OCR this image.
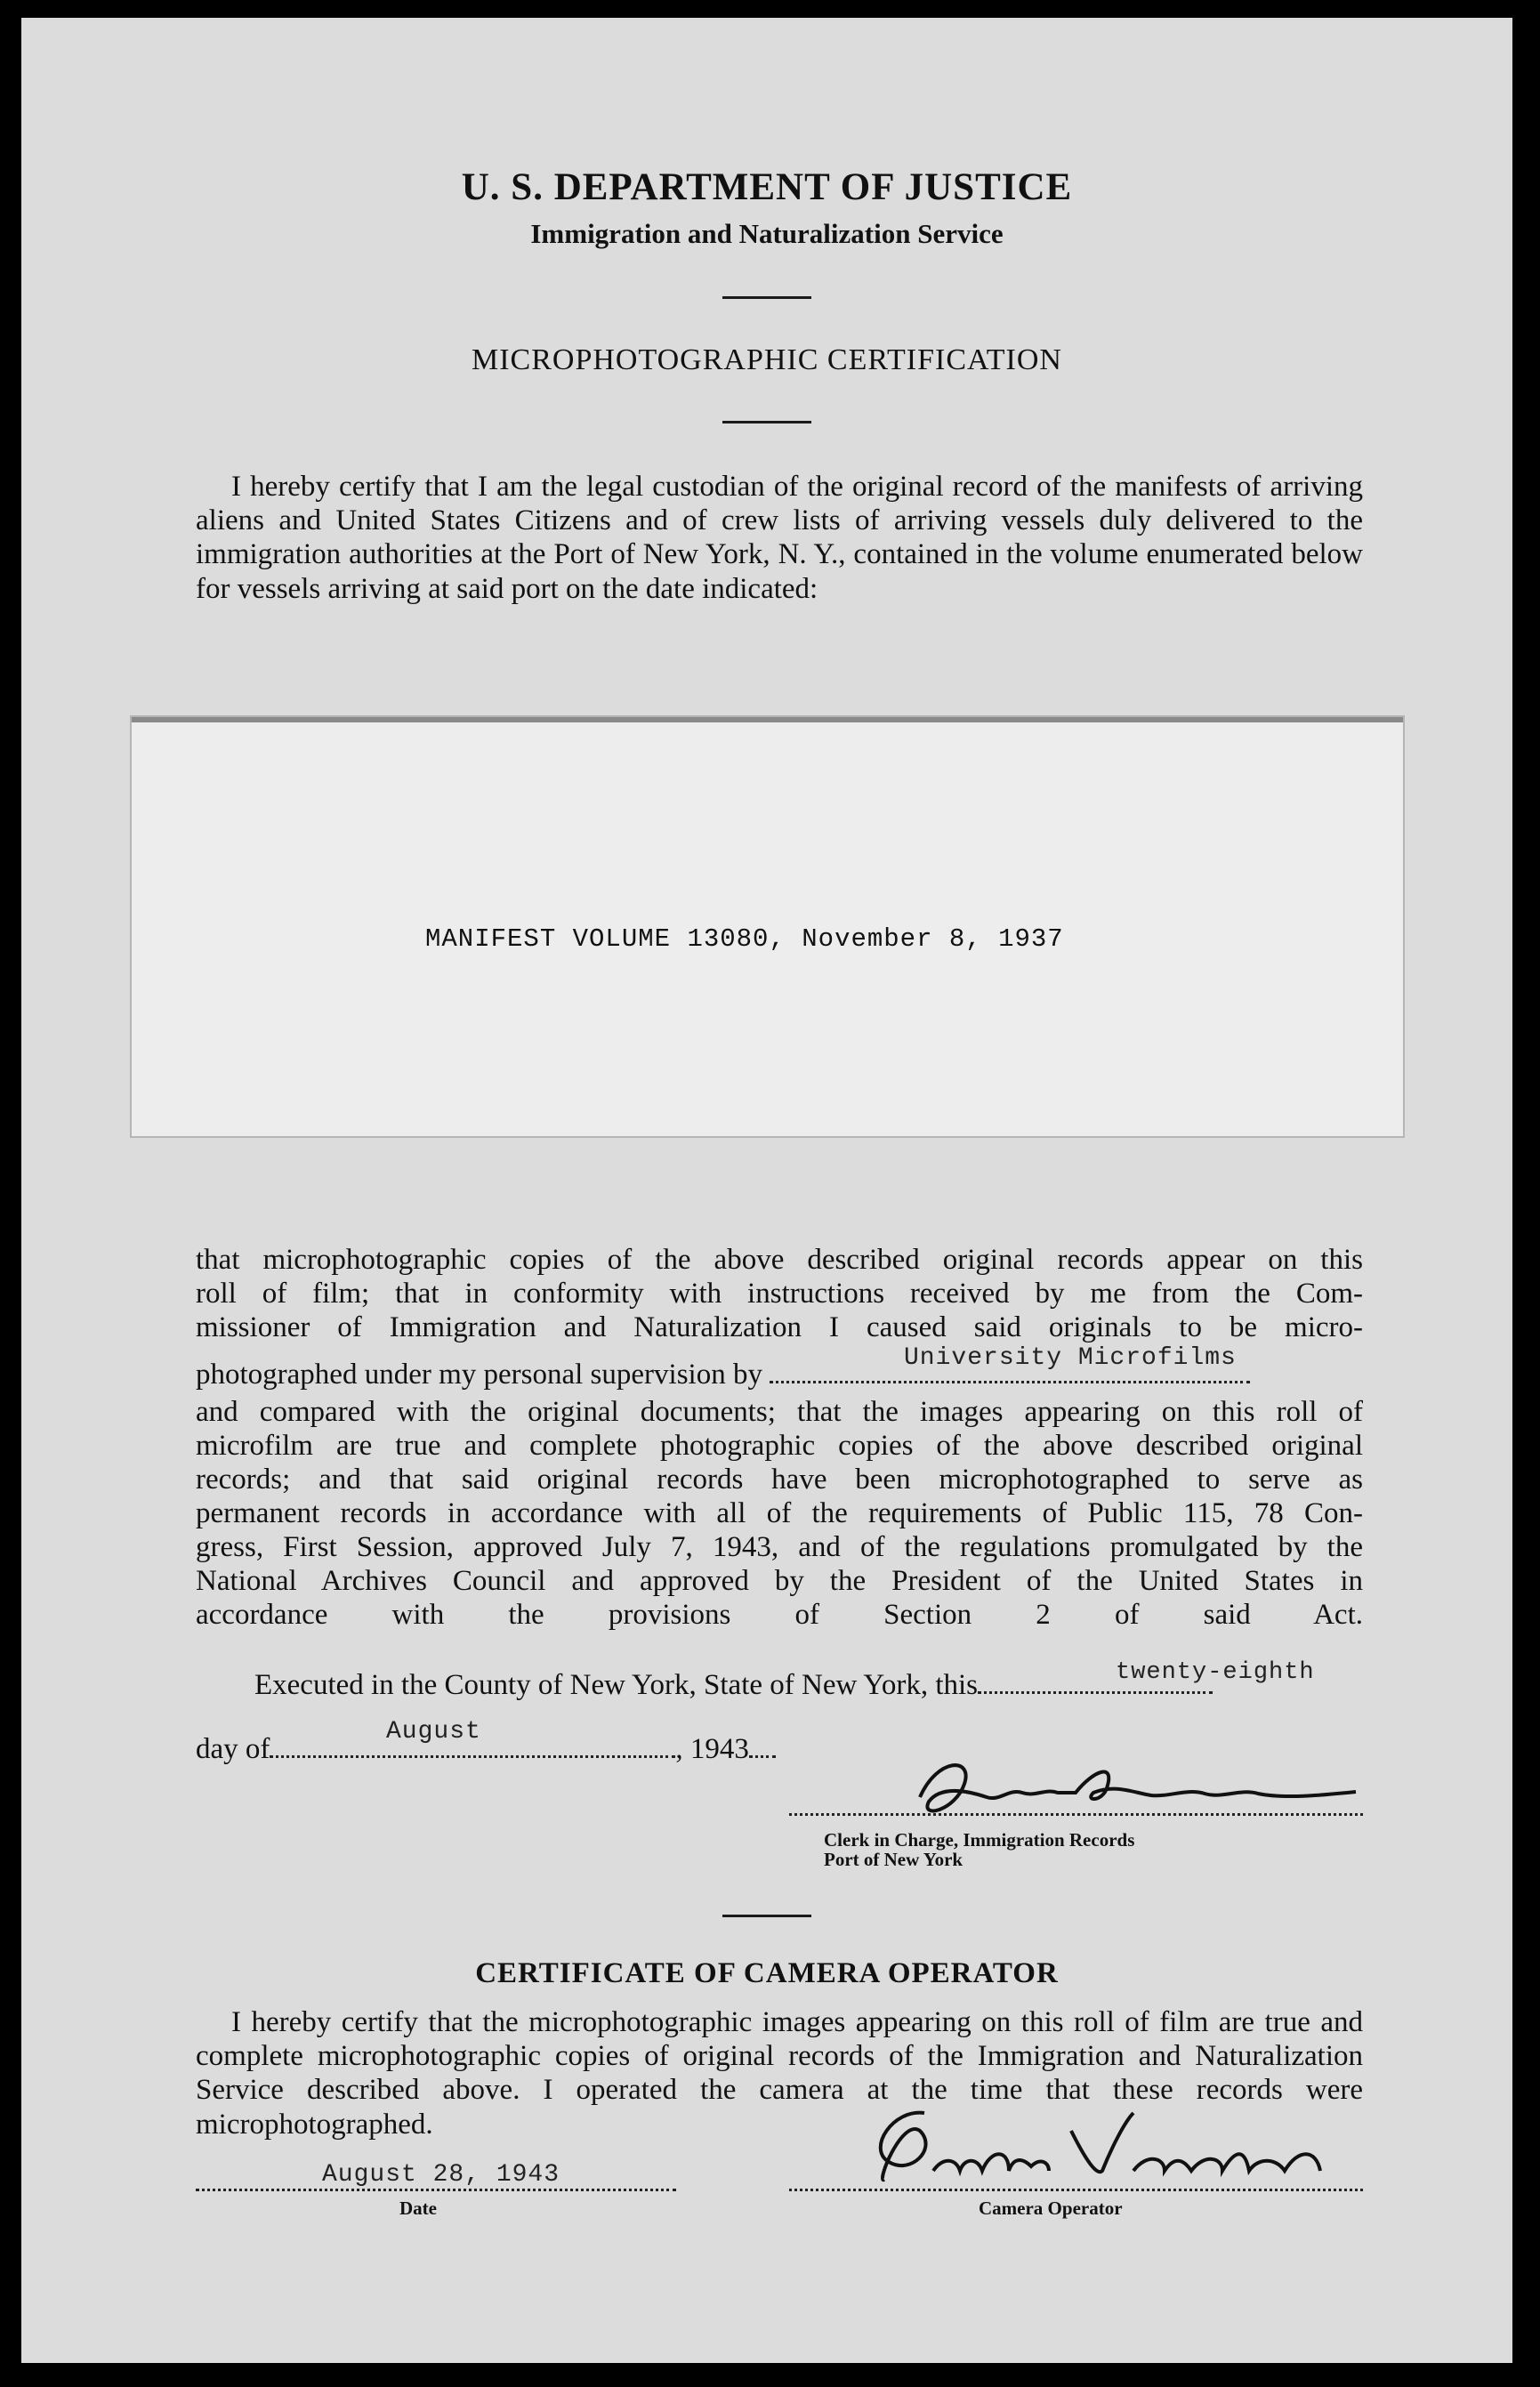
U. S. DEPARTMENT OF JUSTICE
Immigration and Naturalization Service
MICROPHOTOGRAPHIC CERTIFICATION
I hereby certify that I am the legal custodian of the original record of the manifests of arriving aliens and United States Citizens and of crew lists of arriving vessels duly delivered to the immigration authorities at the Port of New York, N. Y., contained in the volume enumerated below for vessels arriving at said port on the date indicated:
MANIFEST VOLUME 13080, November 8, 1937
that microphotographic copies of the above described original records appear on this
roll of film; that in conformity with instructions received by me from the Com-
missioner of Immigration and Naturalization I caused said originals to be micro-
photographed under my personal supervision by
University Microfilms
and compared with the original documents; that the images appearing on this roll of
microfilm are true and complete photographic copies of the above described original
records; and that said original records have been microphotographed to serve as
permanent records in accordance with all of the requirements of Public 115, 78 Con-
gress, First Session, approved July 7, 1943, and of the regulations promulgated by the
National Archives Council and approved by the President of the United States in
accordance with the provisions of Section 2 of said Act.
Executed in the County of New York, State of New York, this	twenty-eighth
day of	, 1943
August
Clerk in Charge, Immigration Records
Port of New York
CERTIFICATE OF CAMERA OPERATOR
I hereby certify that the microphotographic images appearing on this roll of film are true and complete microphotographic copies of original records of the Immigration and Naturalization Service described above. I operated the camera at the time that these records were microphotographed.
August 28, 1943
Date	Camera Operator
